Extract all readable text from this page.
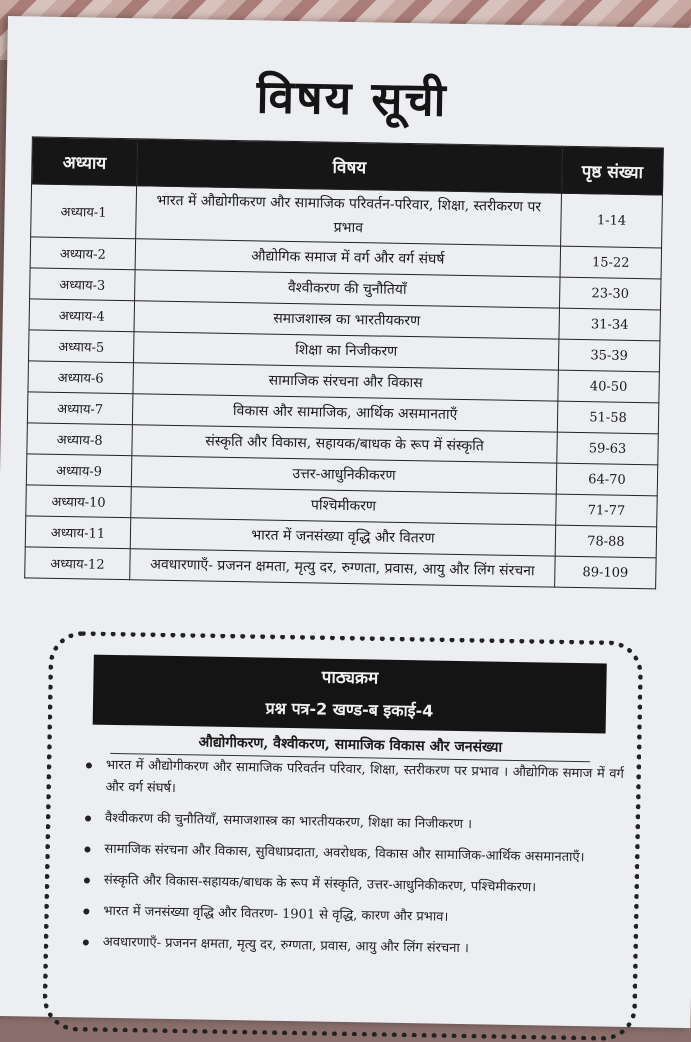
विषय सूची
अध्याय	विषय	पृष्ठ संख्या
अध्याय-1	भारत में औद्योगीकरण और सामाजिक परिवर्तन-परिवार, शिक्षा, स्तरीकरण पर प्रभाव	1-14
अध्याय-2	औद्योगिक समाज में वर्ग और वर्ग संघर्ष	15-22
अध्याय-3	वैश्वीकरण की चुनौतियाँ	23-30
अध्याय-4	समाजशास्त्र का भारतीयकरण	31-34
अध्याय-5	शिक्षा का निजीकरण	35-39
अध्याय-6	सामाजिक संरचना और विकास	40-50
अध्याय-7	विकास और सामाजिक, आर्थिक असमानताएँ	51-58
अध्याय-8	संस्कृति और विकास, सहायक/बाधक के रूप में संस्कृति	59-63
अध्याय-9	उत्तर-आधुनिकीकरण	64-70
अध्याय-10	पश्चिमीकरण	71-77
अध्याय-11	भारत में जनसंख्या वृद्धि और वितरण	78-88
अध्याय-12	अवधारणाएँ- प्रजनन क्षमता, मृत्यु दर, रुग्णता, प्रवास, आयु और लिंग संरचना	89-109
पाठ्यक्रम
प्रश्न पत्र-2 खण्ड-ब इकाई-4
औद्योगीकरण, वैश्वीकरण, सामाजिक विकास और जनसंख्या
भारत में औद्योगीकरण और सामाजिक परिवर्तन परिवार, शिक्षा, स्तरीकरण पर प्रभाव । औद्योगिक समाज में वर्ग और वर्ग संघर्ष।
वैश्वीकरण की चुनौतियाँ, समाजशास्त्र का भारतीयकरण, शिक्षा का निजीकरण ।
सामाजिक संरचना और विकास, सुविधाप्रदाता, अवरोधक, विकास और सामाजिक-आर्थिक असमानताएँ।
संस्कृति और विकास-सहायक/बाधक के रूप में संस्कृति, उत्तर-आधुनिकीकरण, पश्चिमीकरण।
भारत में जनसंख्या वृद्धि और वितरण- 1901 से वृद्धि, कारण और प्रभाव।
अवधारणाएँ- प्रजनन क्षमता, मृत्यु दर, रुग्णता, प्रवास, आयु और लिंग संरचना ।
